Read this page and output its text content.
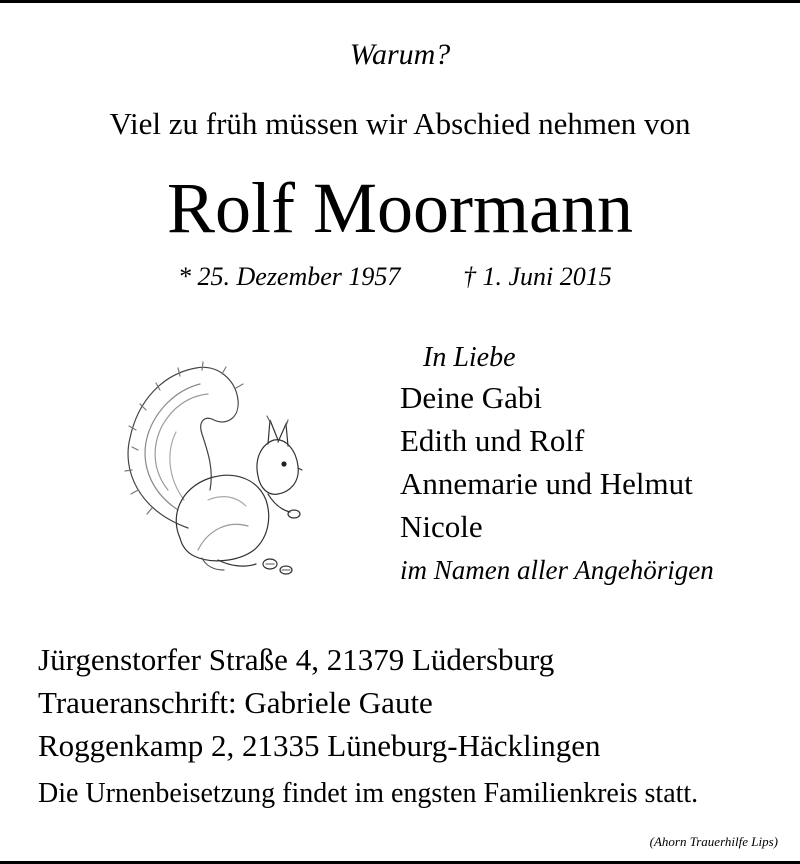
Warum?
Viel zu früh müssen wir Abschied nehmen von
Rolf Moormann
* 25. Dezember 1957 † 1. Juni 2015
In Liebe
Deine Gabi
Edith und Rolf
Annemarie und Helmut
Nicole
im Namen aller Angehörigen
Jürgenstorfer Straße 4, 21379 Lüdersburg
Traueranschrift: Gabriele Gaute
Roggenkamp 2, 21335 Lüneburg-Häcklingen
Die Urnenbeisetzung findet im engsten Familienkreis statt.
(Ahorn Trauerhilfe Lips)
